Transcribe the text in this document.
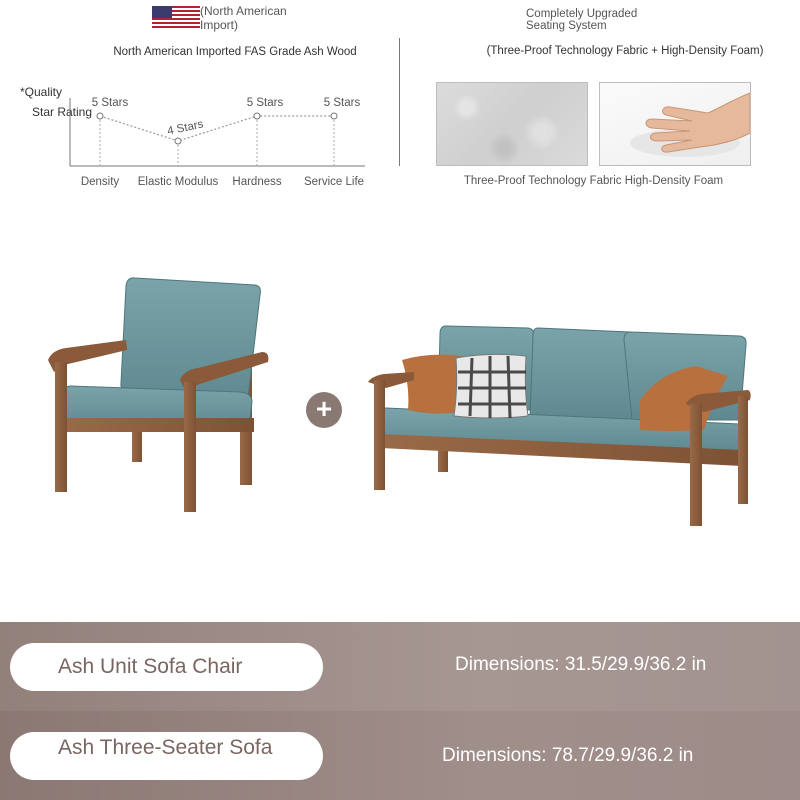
(North American Import)
North American Imported FAS Grade Ash Wood
*Quality
Star Rating
5 Stars
4 Stars
5 Stars	5 Stars
Density Elastic Modulus Hardness Service Life
Completely Upgraded
Seating System
(Three-Proof Technology Fabric + High-Density Foam)
Three-Proof Technology Fabric High-Density Foam
+
Ash Unit Sofa Chair	Dimensions: 31.5/29.9/36.2 in
Ash Three-Seater Sofa	Dimensions: 78.7/29.9/36.2 in
